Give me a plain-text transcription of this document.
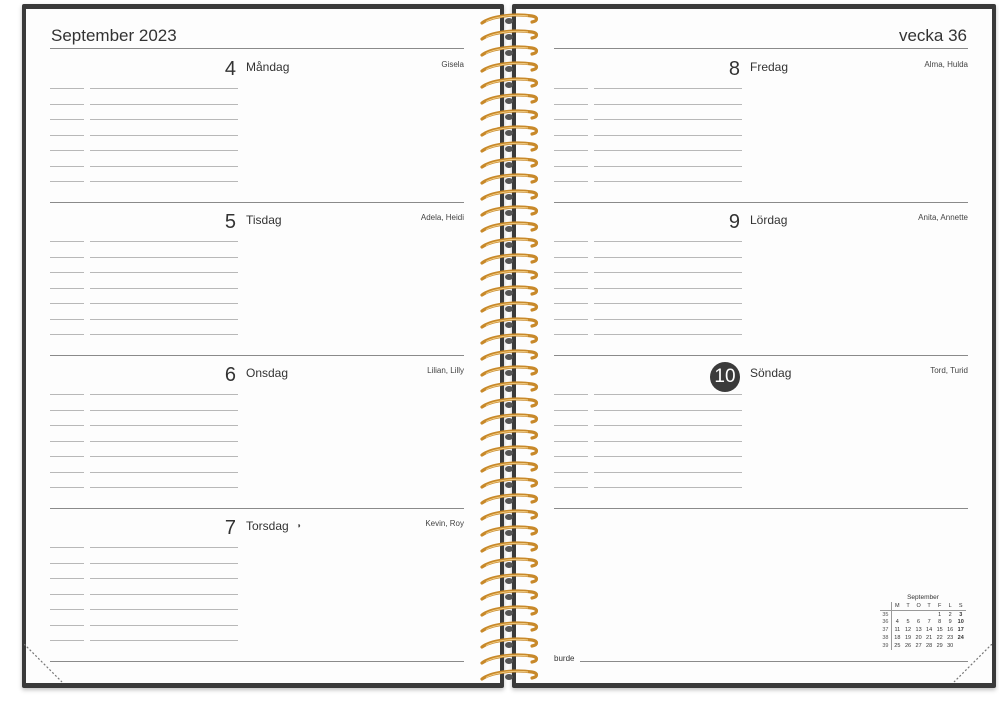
September 2023	vecka 36
4 Måndag	Gisela
5 Tisdag	Adela, Heidi
6 Onsdag	Lilian, Lilly
7 Torsdag ◑	Kevin, Roy
8 Fredag	Alma, Hulda
9 Lördag	Anita, Annette
10	Söndag	Tord, Turid
September
	M	T	O	T	F	L	S
35					1	2	3
36	4	5	6	7	8	9	10
37	11	12	13	14	15	16	17
38	18	19	20	21	22	23	24
39	25	26	27	28	29	30	
burde
